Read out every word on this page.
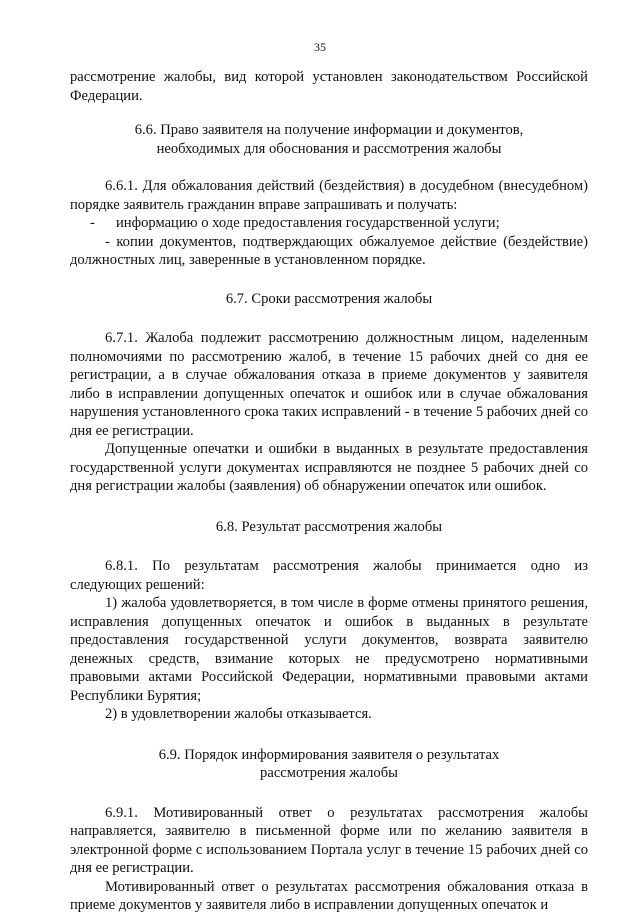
35

рассмотрение жалобы, вид которой установлен законодательством Российской Федерации.

6.6. Право заявителя на получение информации и документов,
необходимых для обоснования и рассмотрения жалобы

6.6.1. Для обжалования действий (бездействия) в досудебном (внесудебном) порядке заявитель гражданин вправе запрашивать и получать:

- информацию о ходе предоставления государственной услуги;

- копии документов, подтверждающих обжалуемое действие (бездействие) должностных лиц, заверенные в установленном порядке.

6.7. Сроки рассмотрения жалобы

6.7.1. Жалоба подлежит рассмотрению должностным лицом, наделенным полномочиями по рассмотрению жалоб, в течение 15 рабочих дней со дня ее регистрации, а в случае обжалования отказа в приеме документов у заявителя либо в исправлении допущенных опечаток и ошибок или в случае обжалования нарушения установленного срока таких исправлений - в течение 5 рабочих дней со дня ее регистрации.

Допущенные опечатки и ошибки в выданных в результате предоставления государственной услуги документах исправляются не позднее 5 рабочих дней со дня регистрации жалобы (заявления) об обнаружении опечаток или ошибок.

6.8. Результат рассмотрения жалобы

6.8.1. По результатам рассмотрения жалобы принимается одно из следующих решений:

1) жалоба удовлетворяется, в том числе в форме отмены принятого решения, исправления допущенных опечаток и ошибок в выданных в результате предоставления государственной услуги документов, возврата заявителю денежных средств, взимание которых не предусмотрено нормативными правовыми актами Российской Федерации, нормативными правовыми актами Республики Бурятия;

2) в удовлетворении жалобы отказывается.

6.9. Порядок информирования заявителя о результатах
рассмотрения жалобы

6.9.1. Мотивированный ответ о результатах рассмотрения жалобы направляется, заявителю в письменной форме или по желанию заявителя в электронной форме с использованием Портала услуг в течение 15 рабочих дней со дня ее регистрации.

Мотивированный ответ о результатах рассмотрения обжалования отказа в приеме документов у заявителя либо в исправлении допущенных опечаток и
